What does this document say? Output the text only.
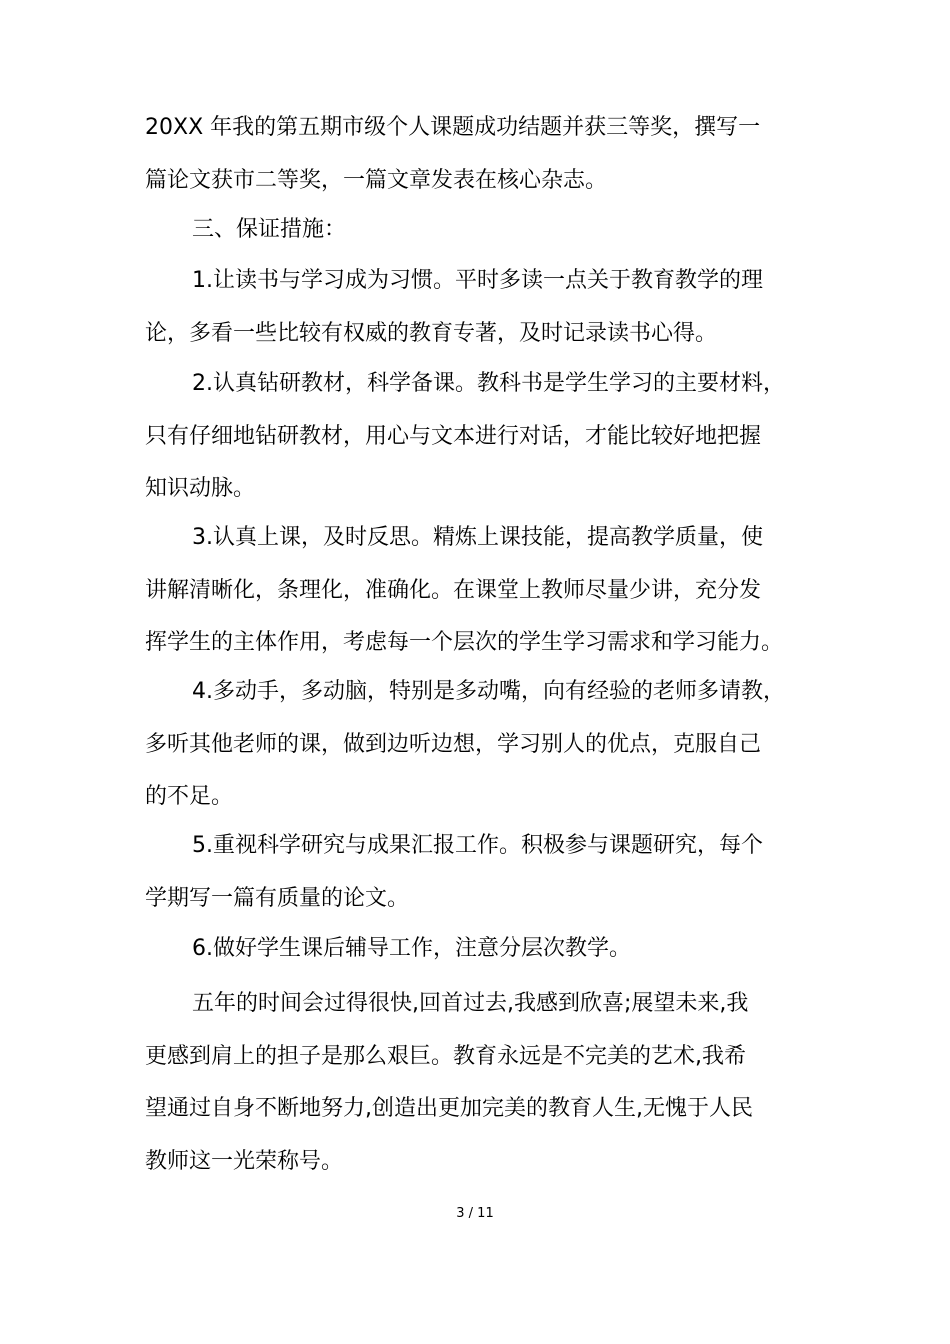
20XX 年我的第五期市级个人课题成功结题并获三等奖，撰写一
篇论文获市二等奖，一篇文章发表在核心杂志。

三、保证措施：

1.让读书与学习成为习惯。平时多读一点关于教育教学的理
论，多看一些比较有权威的教育专著，及时记录读书心得。

2.认真钻研教材，科学备课。教科书是学生学习的主要材料，
只有仔细地钻研教材，用心与文本进行对话，才能比较好地把握
知识动脉。

3.认真上课，及时反思。精炼上课技能，提高教学质量，使
讲解清晰化，条理化，准确化。在课堂上教师尽量少讲，充分发
挥学生的主体作用，考虑每一个层次的学生学习需求和学习能力。

4.多动手，多动脑，特别是多动嘴，向有经验的老师多请教，
多听其他老师的课，做到边听边想，学习别人的优点，克服自己
的不足。

5.重视科学研究与成果汇报工作。积极参与课题研究，每个
学期写一篇有质量的论文。

6.做好学生课后辅导工作，注意分层次教学。

五年的时间会过得很快,回首过去,我感到欣喜;展望未来,我
更感到肩上的担子是那么艰巨。教育永远是不完美的艺术,我希
望通过自身不断地努力,创造出更加完美的教育人生,无愧于人民
教师这一光荣称号。

3 / 11
